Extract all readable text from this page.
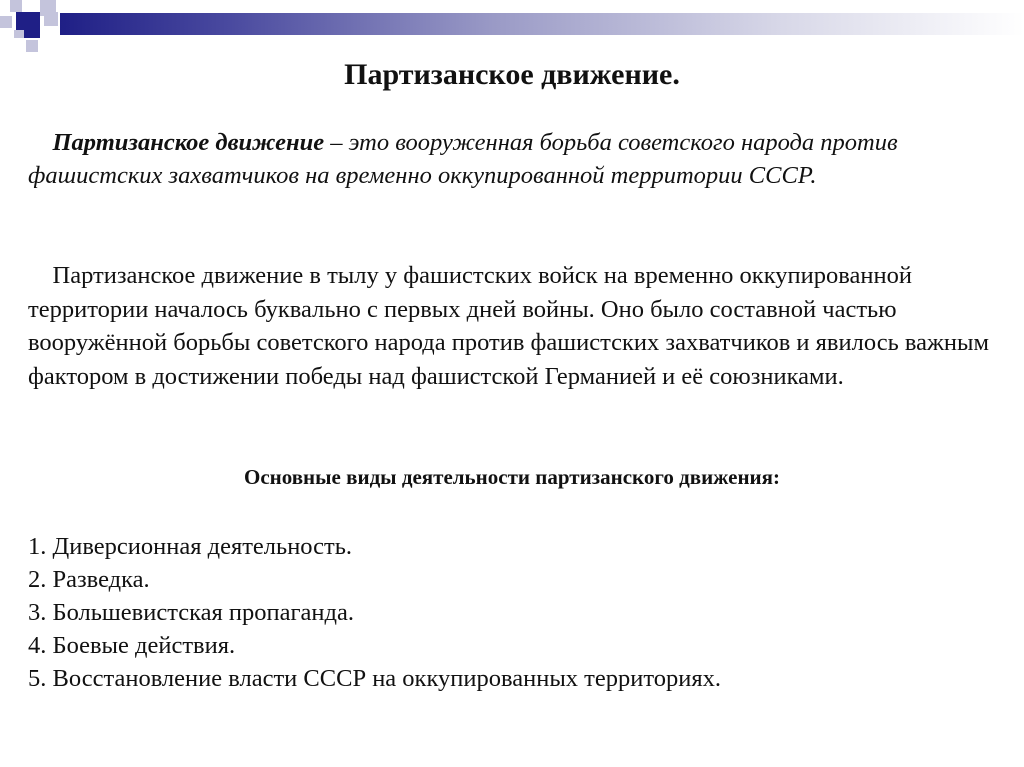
Партизанское движение.
 Партизанское движение – это вооруженная борьба советского народа против фашистских захватчиков на временно оккупированной территории СССР.
 Партизанское движение в тылу у фашистских войск на временно оккупированной территории началось буквально с первых дней войны. Оно было составной частью вооружённой борьбы советского народа против фашистских захватчиков и явилось важным фактором в достижении победы над фашистской Германией и её союзниками.
Основные виды деятельности партизанского движения:
1. Диверсионная деятельность.
2. Разведка.
3. Большевистская пропаганда.
4. Боевые действия.
5. Восстановление власти СССР на оккупированных территориях.
